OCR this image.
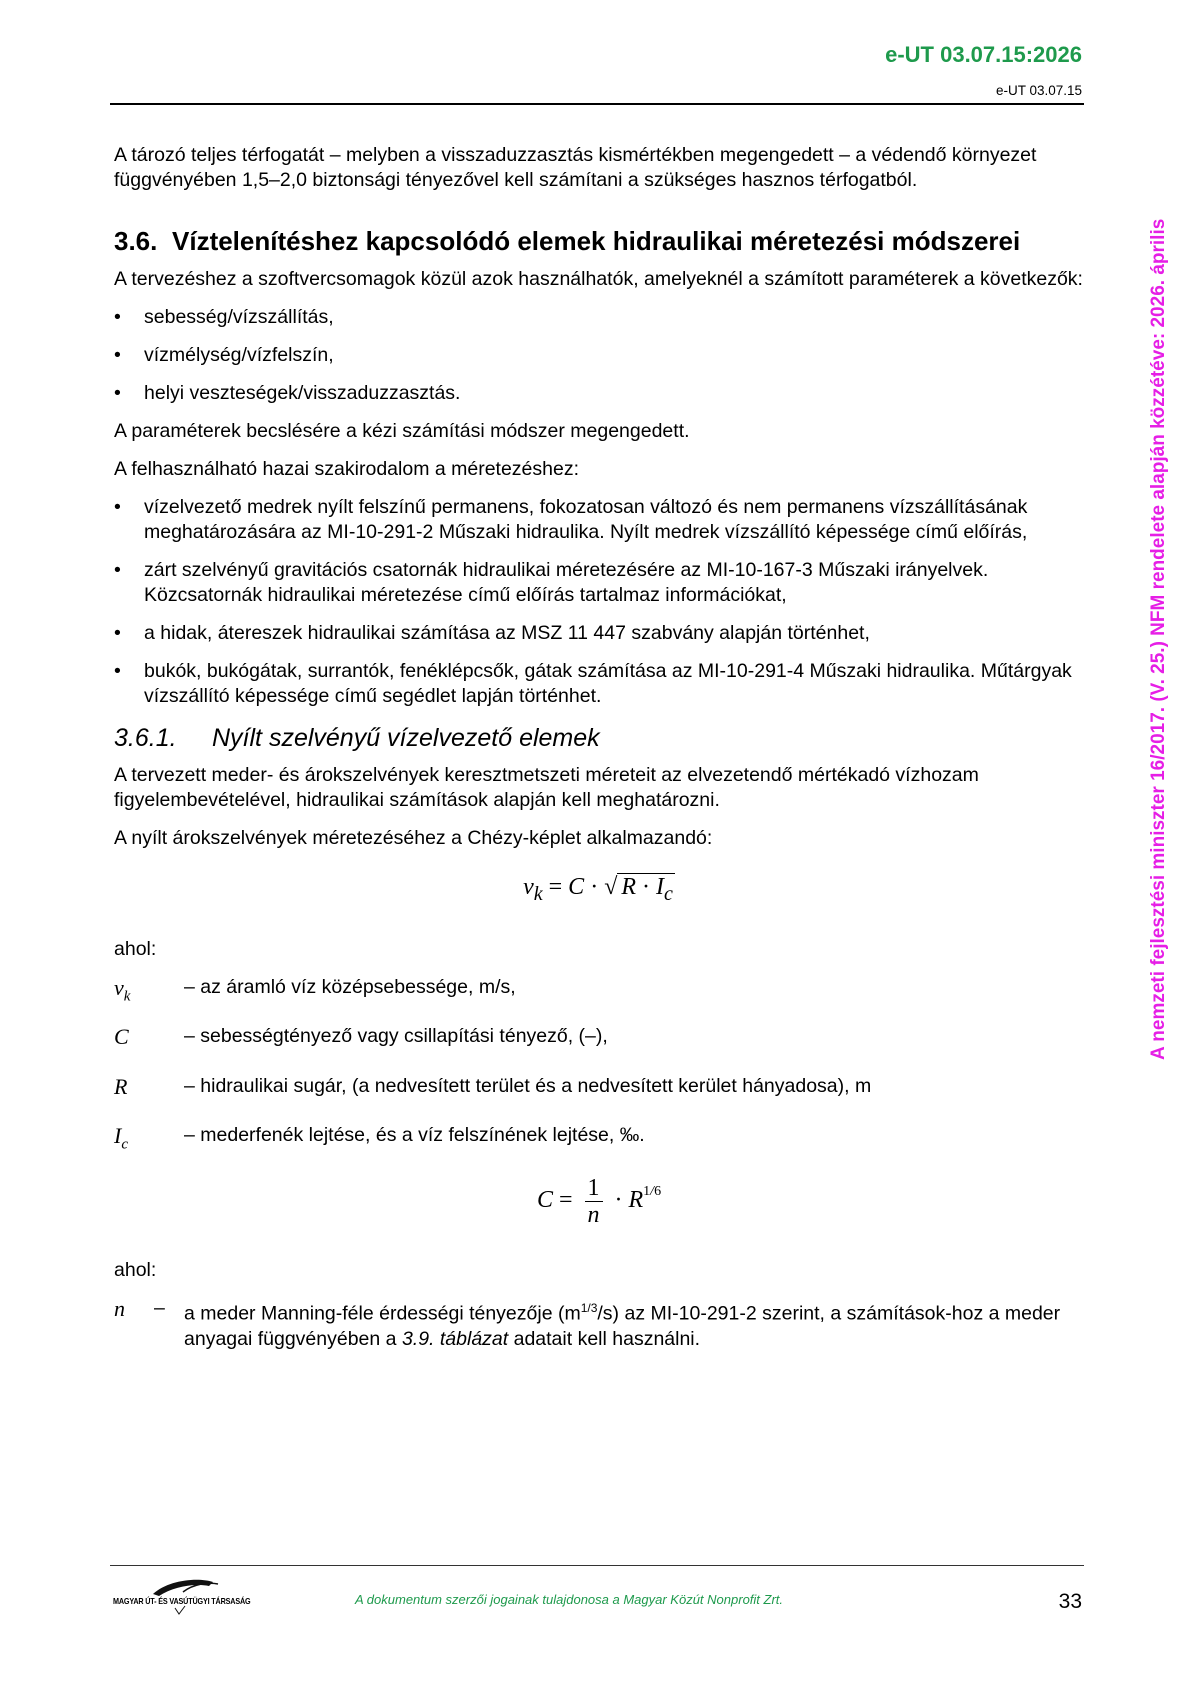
e-UT 03.07.15:2026
e-UT 03.07.15
A nemzeti fejlesztési miniszter 16/2017. (V. 25.) NFM rendelete alapján közzétéve: 2026. április

A tározó teljes térfogatát – melyben a visszaduzzasztás kismértékben megengedett – a védendő környezet függvényében 1,5–2,0 biztonsági tényezővel kell számítani a szükséges hasznos térfogatból.

3.6. Víztelenítéshez kapcsolódó elemek hidraulikai méretezési módszerei

A tervezéshez a szoftvercsomagok közül azok használhatók, amelyeknél a számított paraméterek a következők:

• sebesség/vízszállítás,
• vízmélység/vízfelszín,
• helyi veszteségek/visszaduzzasztás.

A paraméterek becslésére a kézi számítási módszer megengedett.

A felhasználható hazai szakirodalom a méretezéshez:

• vízelvezető medrek nyílt felszínű permanens, fokozatosan változó és nem permanens vízszállításának meghatározására az MI-10-291-2 Műszaki hidraulika. Nyílt medrek vízszállító képessége című előírás,
• zárt szelvényű gravitációs csatornák hidraulikai méretezésére az MI-10-167-3 Műszaki irányelvek. Közcsatornák hidraulikai méretezése című előírás tartalmaz információkat,
• a hidak, átereszek hidraulikai számítása az MSZ 11 447 szabvány alapján történhet,
• bukók, bukógátak, surrantók, fenéklépcsők, gátak számítása az MI-10-291-4 Műszaki hidraulika. Műtárgyak vízszállító képessége című segédlet lapján történhet.
3.6.1.	Nyílt szelvényű vízelvezető elemek

A tervezett meder- és árokszelvények keresztmetszeti méreteit az elvezetendő mértékadó vízhozam figyelembevételével, hidraulikai számítások alapján kell meghatározni.

A nyílt árokszelvények méretezéséhez a Chézy-képlet alkalmazandó:

$v_k = C$ · √ $R \cdot I_c$

ahol:

$v_k$	– az áramló víz középsebessége, m/s,
C	– sebességtényező vagy csillapítási tényező, (–),
R	– hidraulikai sugár, (a nedvesített terület és a nedvesített kerület hányadosa), m
$I_c$	– mederfenék lejtése, és a víz felszínének lejtése, ‰.
$C = \frac{1}{n} \cdot R^{1/6}$

ahol:

n	– a meder Manning-féle érdességi tényezője $(m^{1/3}/s)$ az MI-10-291-2 szerint, a számítások-hoz a meder anyagai függvényében a 3.9. táblázat adatait kell használni.
MAGYAR ÚT- ÉS VASÚTÜGYI TÁRSASÁG	A dokumentum szerzői jogainak tulajdonosa a Magyar Közút Nonprofit Zrt.	33
